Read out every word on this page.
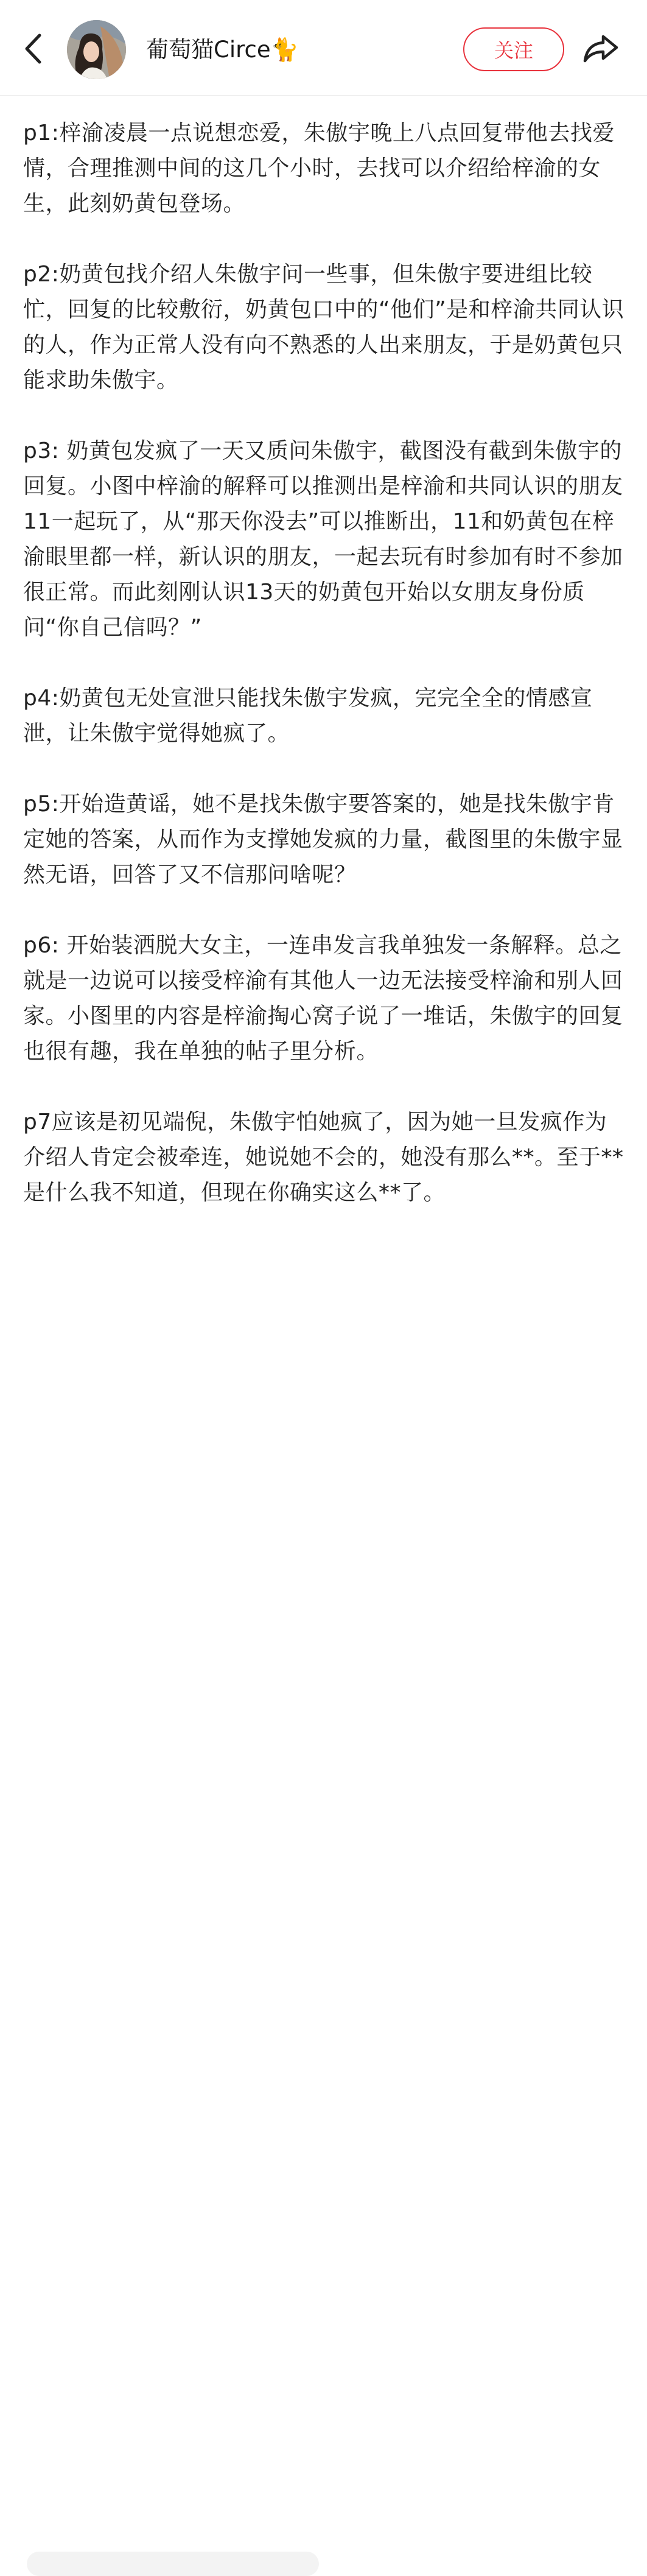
葡萄猫Circe🐈	关注

p1:梓渝凌晨一点说想恋爱，朱傲宇晚上八点回复带他去找爱情，合理推测中间的这几个小时，去找可以介绍给梓渝的女生，此刻奶黄包登场。

p2:奶黄包找介绍人朱傲宇问一些事，但朱傲宇要进组比较忙，回复的比较敷衍，奶黄包口中的“他们”是和梓渝共同认识的人，作为正常人没有向不熟悉的人出来朋友，于是奶黄包只能求助朱傲宇。

p3: 奶黄包发疯了一天又质问朱傲宇，截图没有截到朱傲宇的回复。小图中梓渝的解释可以推测出是梓渝和共同认识的朋友11一起玩了，从“那天你没去”可以推断出，11和奶黄包在梓渝眼里都一样，新认识的朋友，一起去玩有时参加有时不参加很正常。而此刻刚认识13天的奶黄包开始以女朋友身份质问“你自己信吗？”

p4:奶黄包无处宣泄只能找朱傲宇发疯，完完全全的情感宣泄，让朱傲宇觉得她疯了。

p5:开始造黄谣，她不是找朱傲宇要答案的，她是找朱傲宇肯定她的答案，从而作为支撑她发疯的力量，截图里的朱傲宇显然无语，回答了又不信那问啥呢？

p6: 开始装洒脱大女主，一连串发言我单独发一条解释。总之就是一边说可以接受梓渝有其他人一边无法接受梓渝和别人回家。小图里的内容是梓渝掏心窝子说了一堆话，朱傲宇的回复也很有趣，我在单独的帖子里分析。

p7应该是初见端倪，朱傲宇怕她疯了，因为她一旦发疯作为介绍人肯定会被牵连，她说她不会的，她没有那么**。至于**是什么我不知道，但现在你确实这么**了。
